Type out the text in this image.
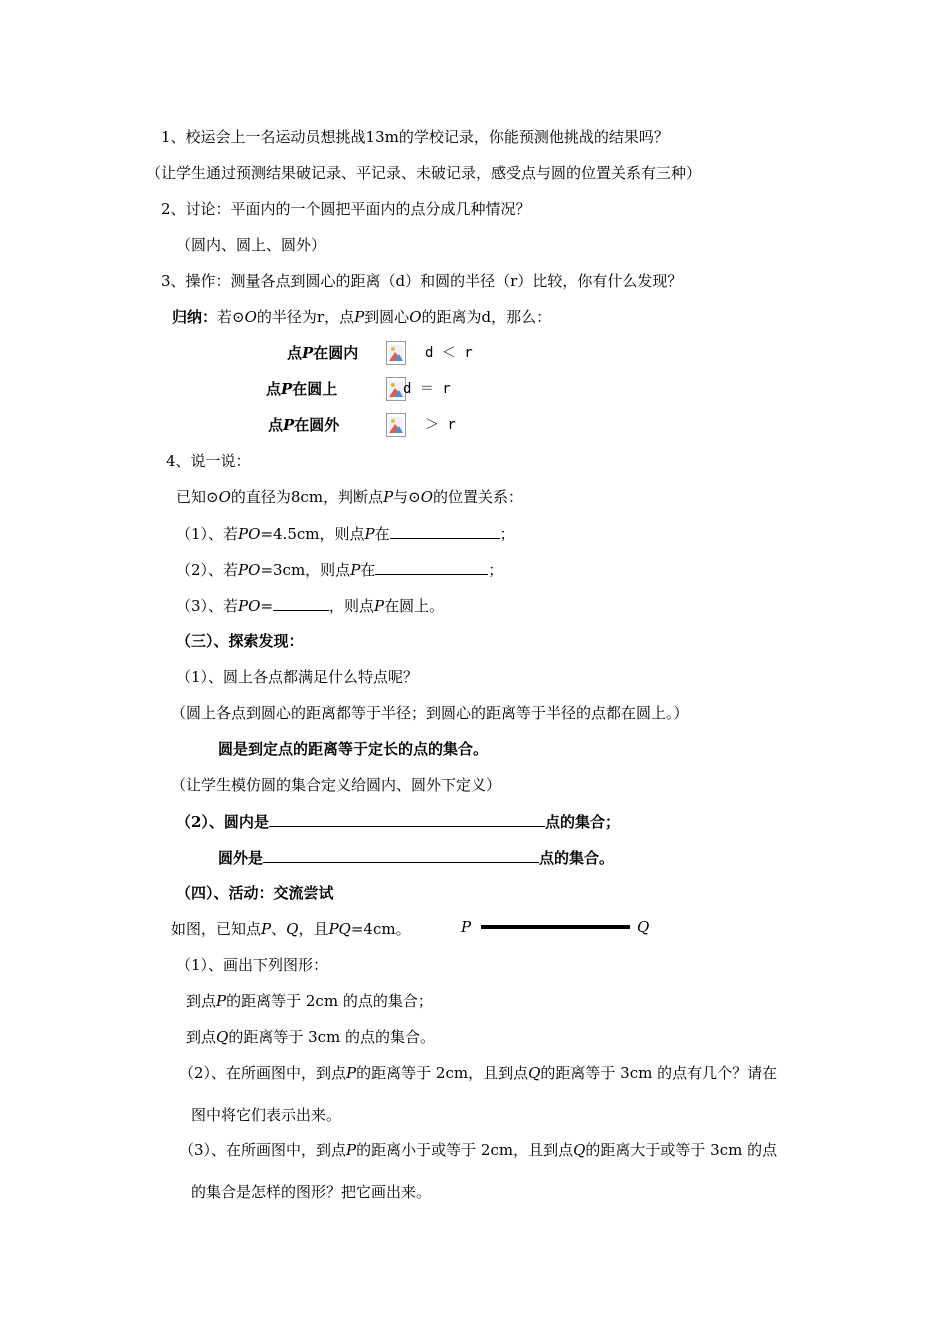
1、校运会上一名运动员想挑战13m的学校记录，你能预测他挑战的结果吗？
（让学生通过预测结果破记录、平记录、未破记录，感受点与圆的位置关系有三种）
2、讨论：平面内的一个圆把平面内的点分成几种情况？
（圆内、圆上、圆外）
3、操作：测量各点到圆心的距离（d）和圆的半径（r）比较，你有什么发现？
归纳：若⊙O的半径为r，点P到圆心O的距离为d，那么：
点P在圆内	d ＜ r
点P在圆上	d ＝ r
点P在圆外	＞ r
4、说一说：
已知⊙O的直径为8cm，判断点P与⊙O的位置关系：
（1）、若PO=4.5cm，则点P在	；
（2）、若PO=3cm，则点P在	；
（3）、若PO=	，则点P在圆上。
（三）、探索发现：
（1）、圆上各点都满足什么特点呢？
（圆上各点到圆心的距离都等于半径；到圆心的距离等于半径的点都在圆上。）
圆是到定点的距离等于定长的点的集合。
（让学生模仿圆的集合定义给圆内、圆外下定义）
（2）、圆内是	点的集合；
圆外是	点的集合。
（四）、活动：交流尝试
如图，已知点P、Q，且PQ=4cm。	P	Q
（1）、画出下列图形：
到点P的距离等于 2cm 的点的集合；
到点Q的距离等于 3cm 的点的集合。
（2）、在所画图中，到点P的距离等于 2cm，且到点Q的距离等于 3cm 的点有几个？请在
图中将它们表示出来。
（3）、在所画图中，到点P的距离小于或等于 2cm，且到点Q的距离大于或等于 3cm 的点
的集合是怎样的图形？把它画出来。
